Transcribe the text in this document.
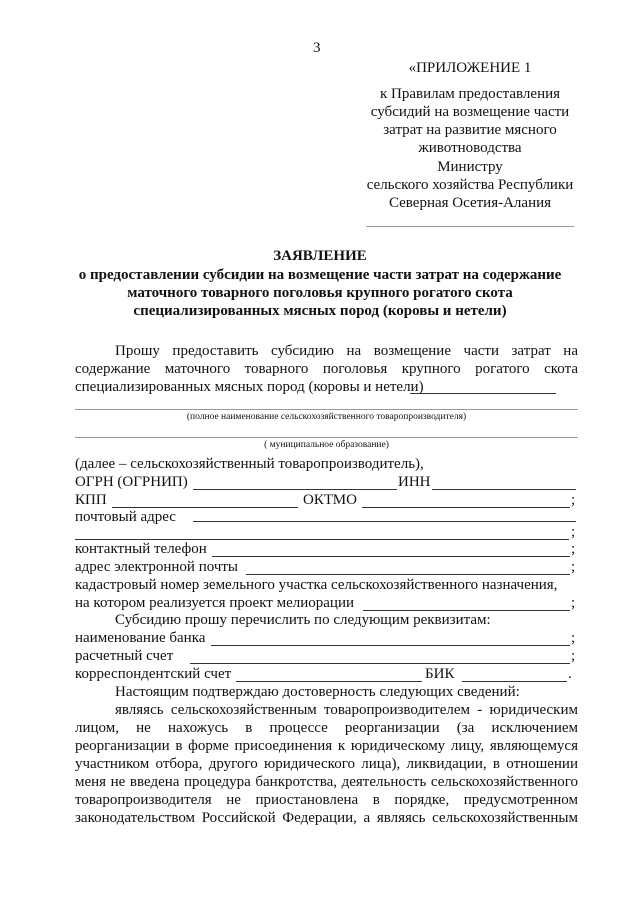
3
«ПРИЛОЖЕНИЕ 1
к Правилам предоставления
субсидий на возмещение части
затрат на развитие мясного
животноводства
Министру
сельского хозяйства Республики
Северная Осетия-Алания
ЗАЯВЛЕНИЕ
о предоставлении субсидии на возмещение части затрат на содержание
маточного товарного поголовья крупного рогатого скота
специализированных мясных пород (коровы и нетели)
Прошу предоставить субсидию на возмещение части затрат на
содержание маточного товарного поголовья крупного рогатого скота
специализированных мясных пород (коровы и нетели)
(полное наименование сельскохозяйственного товаропроизводителя)
( муниципальное образование)
(далее – сельскохозяйственный товаропроизводитель),
ОГРН (ОГРНИП)	ИНН
КПП	ОКТМО	;
почтовый адрес
;
контактный телефон	;
адрес электронной почты	;
кадастровый номер земельного участка сельскохозяйственного назначения,
на котором реализуется проект мелиорации	;
Субсидию прошу перечислить по следующим реквизитам:
наименование банка	;
расчетный счет	;
корреспондентский счет	БИК	.
Настоящим подтверждаю достоверность следующих сведений:
являясь сельскохозяйственным товаропроизводителем - юридическим
лицом, не нахожусь в процессе реорганизации (за исключением
реорганизации в форме присоединения к юридическому лицу, являющемуся
участником отбора, другого юридического лица), ликвидации, в отношении
меня не введена процедура банкротства, деятельность сельскохозяйственного
товаропроизводителя не приостановлена в порядке, предусмотренном
законодательством Российской Федерации, а являясь сельскохозяйственным
